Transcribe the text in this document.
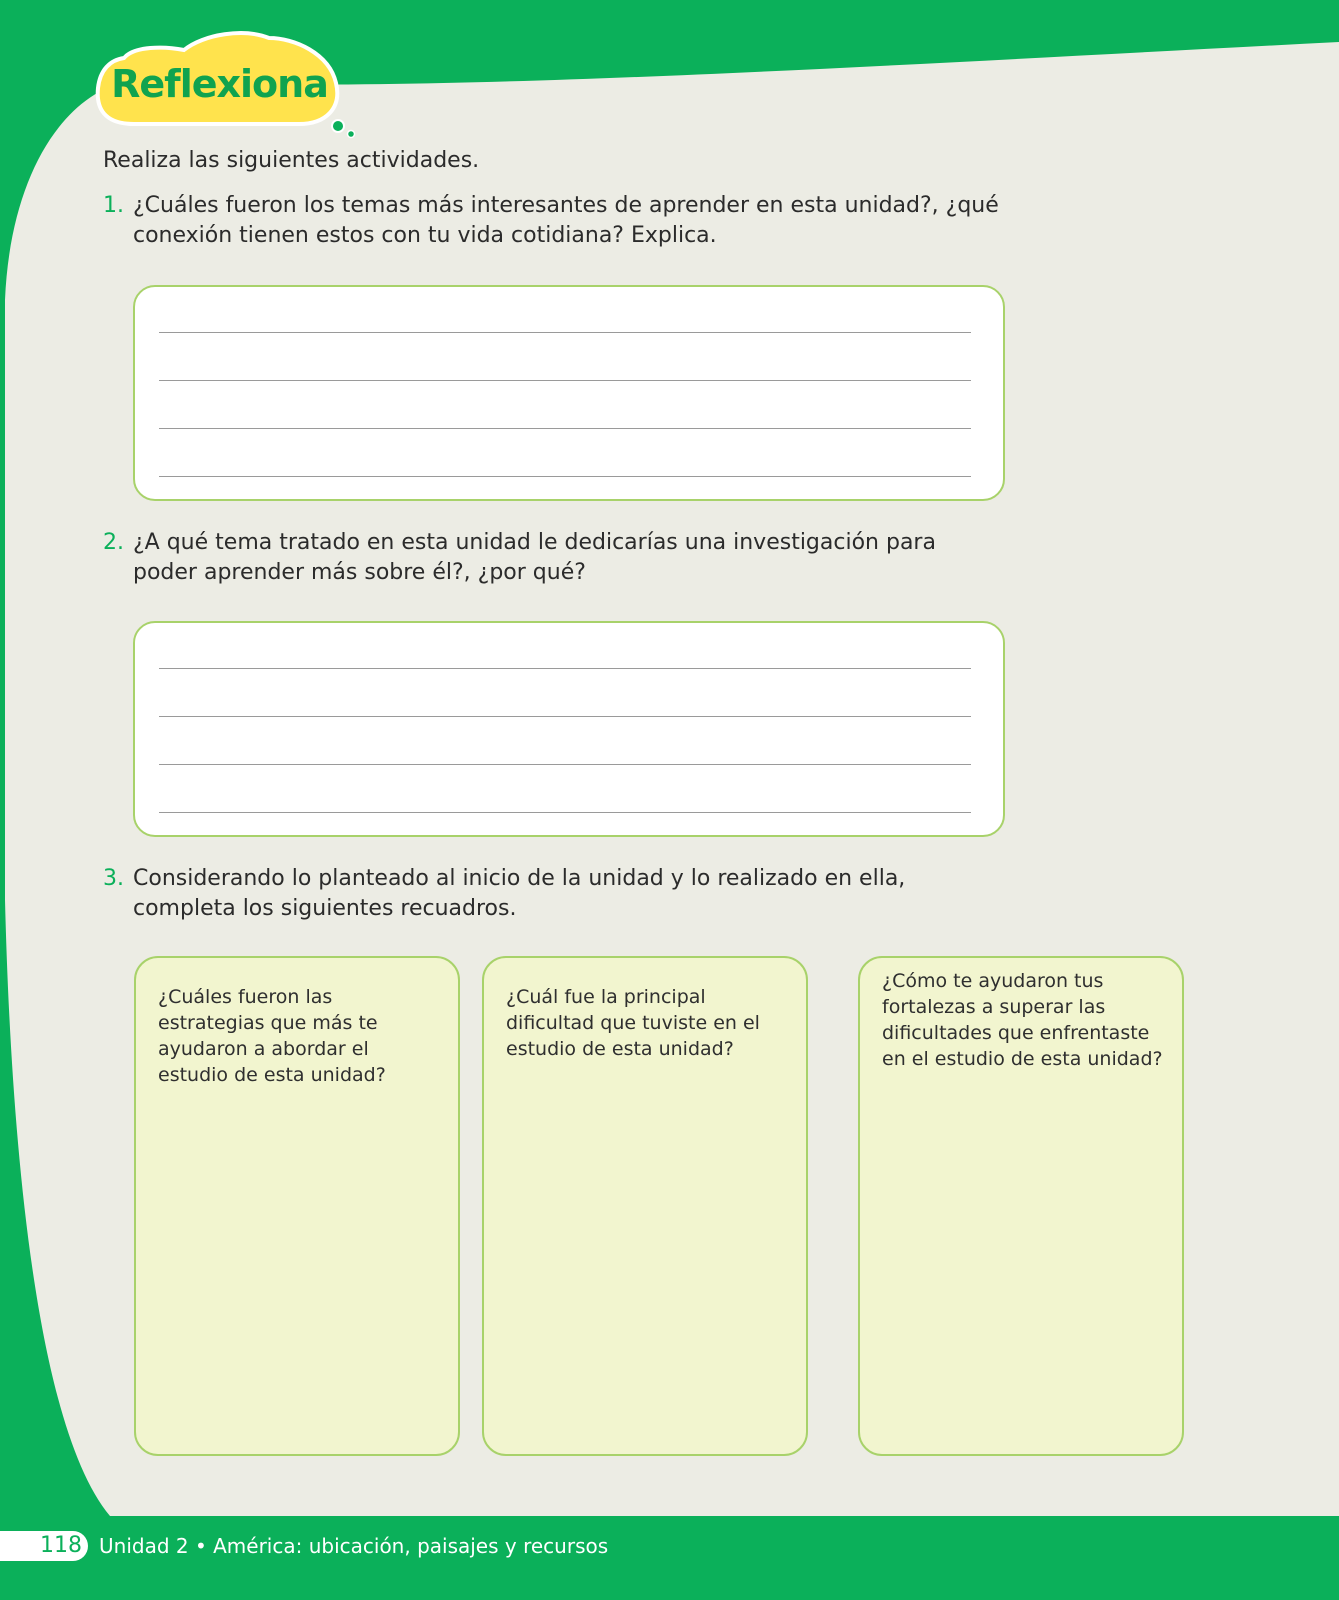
Reflexiona
Realiza las siguientes actividades.
1. ¿Cuáles fueron los temas más interesantes de aprender en esta unidad?, ¿qué conexión tienen estos con tu vida cotidiana? Explica.
2. ¿A qué tema tratado en esta unidad le dedicarías una investigación para poder aprender más sobre él?, ¿por qué?
3. Considerando lo planteado al inicio de la unidad y lo realizado en ella, completa los siguientes recuadros.
¿Cuáles fueron las estrategias que más te ayudaron a abordar el estudio de esta unidad?
¿Cuál fue la principal dificultad que tuviste en el estudio de esta unidad?
¿Cómo te ayudaron tus fortalezas a superar las dificultades que enfrentaste en el estudio de esta unidad?
118 Unidad 2 • América: ubicación, paisajes y recursos
